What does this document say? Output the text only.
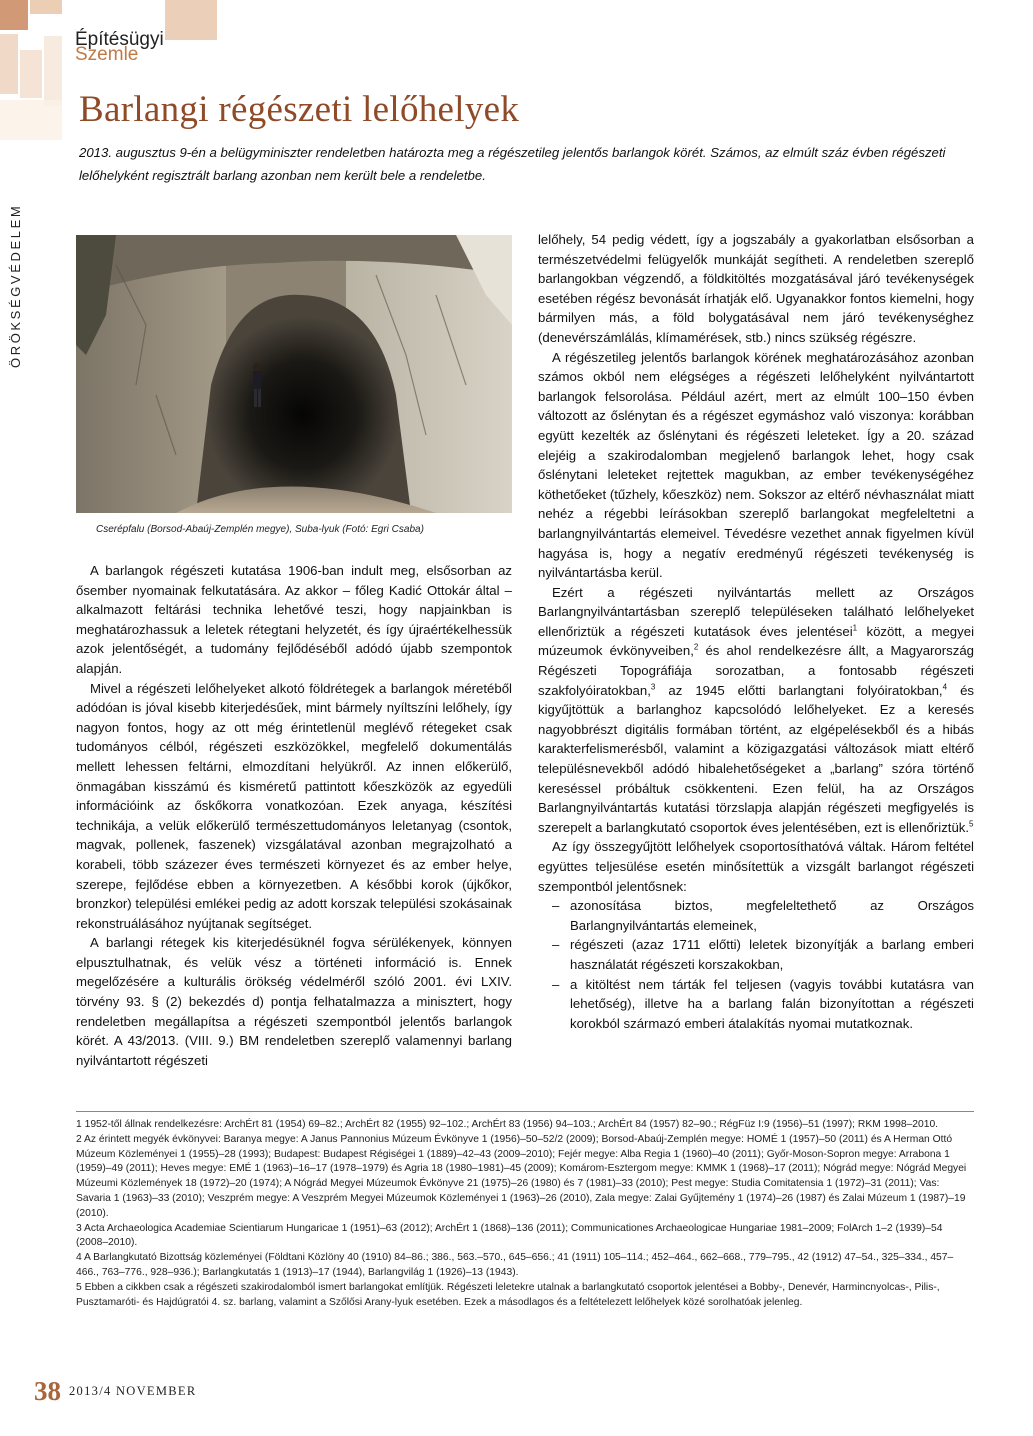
Építésügyi
Szemle
ÖRÖKSÉGVÉDELEM
Barlangi régészeti lelőhelyek
2013. augusztus 9-én a belügyminiszter rendeletben határozta meg a régészetileg jelentős barlangok körét. Számos, az elmúlt száz évben régészeti lelőhelyként regisztrált barlang azonban nem került bele a rendeletbe.
Cserépfalu (Borsod-Abaúj-Zemplén megye), Suba-lyuk (Fotó: Egri Csaba)

A barlangok régészeti kutatása 1906-ban indult meg, elsősorban az ősember nyomainak felkutatására. Az akkor – főleg Kadić Ottokár által – alkalmazott feltárási technika lehetővé teszi, hogy napjainkban is meghatározhassuk a leletek rétegtani helyzetét, és így újraértékelhessük azok jelentőségét, a tudomány fejlődéséből adódó újabb szempontok alapján.

Mivel a régészeti lelőhelyeket alkotó földrétegek a barlangok méretéből adódóan is jóval kisebb kiterjedésűek, mint bármely nyíltszíni lelőhely, így nagyon fontos, hogy az ott még érintetlenül meglévő rétegeket csak tudományos célból, régészeti eszközökkel, megfelelő dokumentálás mellett lehessen feltárni, elmozdítani helyükről. Az innen előkerülő, önmagában kisszámú és kisméretű pattintott kőeszközök az egyedüli információink az őskőkorra vonatkozóan. Ezek anyaga, készítési technikája, a velük előkerülő természettudományos leletanyag (csontok, magvak, pollenek, faszenek) vizsgálatával azonban megrajzolható a korabeli, több százezer éves természeti környezet és az ember helye, szerepe, fejlődése ebben a környezetben. A későbbi korok (újkőkor, bronzkor) települési emlékei pedig az adott korszak települési szokásainak rekonstruálásához nyújtanak segítséget.

A barlangi rétegek kis kiterjedésüknél fogva sérülékenyek, könnyen elpusztulhatnak, és velük vész a történeti információ is. Ennek megelőzésére a kulturális örökség védelméről szóló 2001. évi LXIV. törvény 93. § (2) bekezdés d) pontja felhatalmazza a minisztert, hogy rendeletben megállapítsa a régészeti szempontból jelentős barlangok körét. A 43/2013. (VIII. 9.) BM rendeletben szereplő valamennyi barlang nyilvántartott régészeti

lelőhely, 54 pedig védett, így a jogszabály a gyakorlatban elsősorban a természetvédelmi felügyelők munkáját segítheti. A rendeletben szereplő barlangokban végzendő, a földkitöltés mozgatásával járó tevékenységek esetében régész bevonását írhatják elő. Ugyanakkor fontos kiemelni, hogy bármilyen más, a föld bolygatásával nem járó tevékenységhez (denevérszámlálás, klímamérések, stb.) nincs szükség régészre.

A régészetileg jelentős barlangok körének meghatározásához azonban számos okból nem elégséges a régészeti lelőhelyként nyilvántartott barlangok felsorolása. Például azért, mert az elmúlt 100–150 évben változott az őslénytan és a régészet egymáshoz való viszonya: korábban együtt kezelték az őslénytani és régészeti leleteket. Így a 20. század elejéig a szakirodalomban megjelenő barlangok lehet, hogy csak őslénytani leleteket rejtettek magukban, az ember tevékenységéhez köthetőeket (tűzhely, kőeszköz) nem. Sokszor az eltérő névhasználat miatt nehéz a régebbi leírásokban szereplő barlangokat megfeleltetni a barlangnyilvántartás elemeivel. Tévedésre vezethet annak figyelmen kívül hagyása is, hogy a negatív eredményű régészeti tevékenység is nyilvántartásba kerül.

Ezért a régészeti nyilvántartás mellett az Országos Barlangnyilvántartásban szereplő településeken található lelőhelyeket ellenőriztük a régészeti kutatások éves jelentései$^1$ között, a megyei múzeumok évkönyveiben,$^2$ és ahol rendelkezésre állt, a Magyarország Régészeti Topográfiája sorozatban, a fontosabb régészeti szakfolyóiratokban,$^3$ az 1945 előtti barlangtani folyóiratokban,$^4$ és kigyűjtöttük a barlanghoz kapcsolódó lelőhelyeket. Ez a keresés nagyobbrészt digitális formában történt, az elgépelésekből és a hibás karakterfelismerésből, valamint a közigazgatási változások miatt eltérő településnevekből adódó hibalehetőségeket a „barlang” szóra történő kereséssel próbáltuk csökkenteni. Ezen felül, ha az Országos Barlangnyilvántartás kutatási törzslapja alapján régészeti megfigyelés is szerepelt a barlangkutató csoportok éves jelentésében, ezt is ellenőriztük.$^5$

Az így összegyűjtött lelőhelyek csoportosíthatóvá váltak. Három feltétel együttes teljesülése esetén minősítettük a vizsgált barlangot régészeti szempontból jelentősnek:

– azonosítása biztos, megfeleltethető az Országos Barlangnyilvántartás elemeinek,
– régészeti (azaz 1711 előtti) leletek bizonyítják a barlang emberi használatát régészeti korszakokban,
– a kitöltést nem tárták fel teljesen (vagyis további kutatásra van lehetőség), illetve ha a barlang falán bizonyítottan a régészeti korokból származó emberi átalakítás nyomai mutatkoznak.

1 1952-től állnak rendelkezésre: ArchÉrt 81 (1954) 69–82.; ArchÉrt 82 (1955) 92–102.; ArchÉrt 83 (1956) 94–103.; ArchÉrt 84 (1957) 82–90.; RégFüz I:9 (1956)–51 (1997); RKM 1998–2010.

2 Az érintett megyék évkönyvei: Baranya megye: A Janus Pannonius Múzeum Évkönyve 1 (1956)–50–52/2 (2009); Borsod-Abaúj-Zemplén megye: HOMÉ 1 (1957)–50 (2011) és A Herman Ottó Múzeum Közleményei 1 (1955)–28 (1993); Budapest: Budapest Régiségei 1 (1889)–42–43 (2009–2010); Fejér megye: Alba Regia 1 (1960)–40 (2011); Győr-Moson-Sopron megye: Arrabona 1 (1959)–49 (2011); Heves megye: EMÉ 1 (1963)–16–17 (1978–1979) és Agria 18 (1980–1981)–45 (2009); Komárom-Esztergom megye: KMMK 1 (1968)–17 (2011); Nógrád megye: Nógrád Megyei Múzeumi Közlemények 18 (1972)–20 (1974); A Nógrád Megyei Múzeumok Évkönyve 21 (1975)–26 (1980) és 7 (1981)–33 (2010); Pest megye: Studia Comitatensia 1 (1972)–31 (2011); Vas: Savaria 1 (1963)–33 (2010); Veszprém megye: A Veszprém Megyei Múzeumok Közleményei 1 (1963)–26 (2010), Zala megye: Zalai Gyűjtemény 1 (1974)–26 (1987) és Zalai Múzeum 1 (1987)–19 (2010).

3 Acta Archaeologica Academiae Scientiarum Hungaricae 1 (1951)–63 (2012); ArchÉrt 1 (1868)–136 (2011); Communicationes Archaeologicae Hungariae 1981–2009; FolArch 1–2 (1939)–54 (2008–2010).

4 A Barlangkutató Bizottság közleményei (Földtani Közlöny 40 (1910) 84–86.; 386., 563.–570., 645–656.; 41 (1911) 105–114.; 452–464., 662–668., 779–795., 42 (1912) 47–54., 325–334., 457–466., 763–776., 928–936.); Barlangkutatás 1 (1913)–17 (1944), Barlangvilág 1 (1926)–13 (1943).

5 Ebben a cikkben csak a régészeti szakirodalomból ismert barlangokat említjük. Régészeti leletekre utalnak a barlangkutató csoportok jelentései a Bobby-, Denevér, Harmincnyolcas-, Pilis-, Pusztamaróti- és Hajdúgratói 4. sz. barlang, valamint a Szőlősi Arany-lyuk esetében. Ezek a másodlagos és a feltételezett lelőhelyek közé sorolhatóak jelenleg.

38 2013/4 NOVEMBER
